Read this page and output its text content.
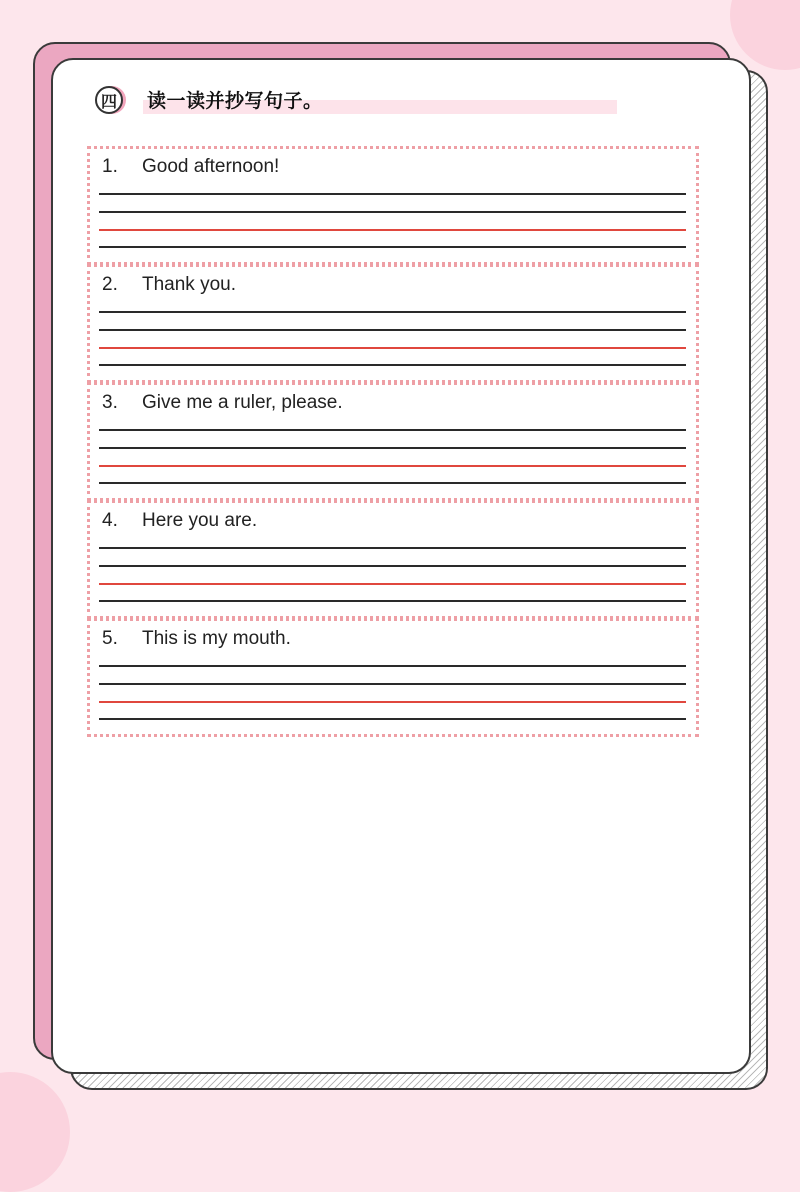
四	读一读并抄写句子。
1. Good afternoon!
2. Thank you.
3. Give me a ruler, please.
4. Here you are.
5. This is my mouth.
